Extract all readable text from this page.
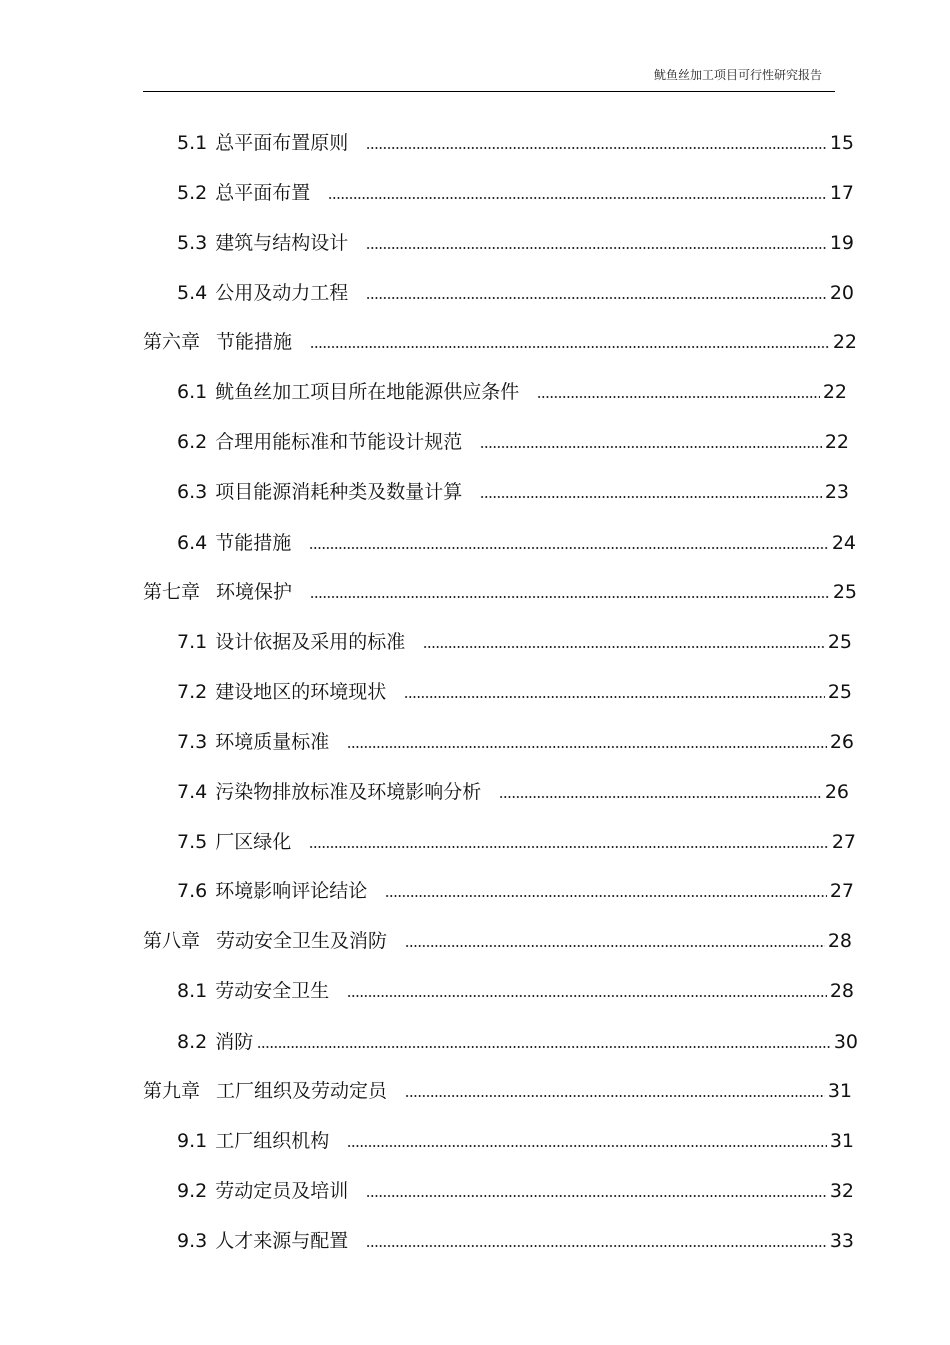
鱿鱼丝加工项目可行性研究报告
5.1 总平面布置原则	15
5.2 总平面布置	17
5.3 建筑与结构设计	19
5.4 公用及动力工程	20
第六章 节能措施	22
6.1 鱿鱼丝加工项目所在地能源供应条件	22
6.2 合理用能标准和节能设计规范	22
6.3 项目能源消耗种类及数量计算	23
6.4 节能措施	24
第七章 环境保护	25
7.1 设计依据及采用的标准	25
7.2 建设地区的环境现状	25
7.3 环境质量标准	26
7.4 污染物排放标准及环境影响分析	26
7.5 厂区绿化	27
7.6 环境影响评论结论	27
第八章 劳动安全卫生及消防	28
8.1 劳动安全卫生	28
8.2 消防	30
第九章 工厂组织及劳动定员	31
9.1 工厂组织机构	31
9.2 劳动定员及培训	32
9.3 人才来源与配置	33
